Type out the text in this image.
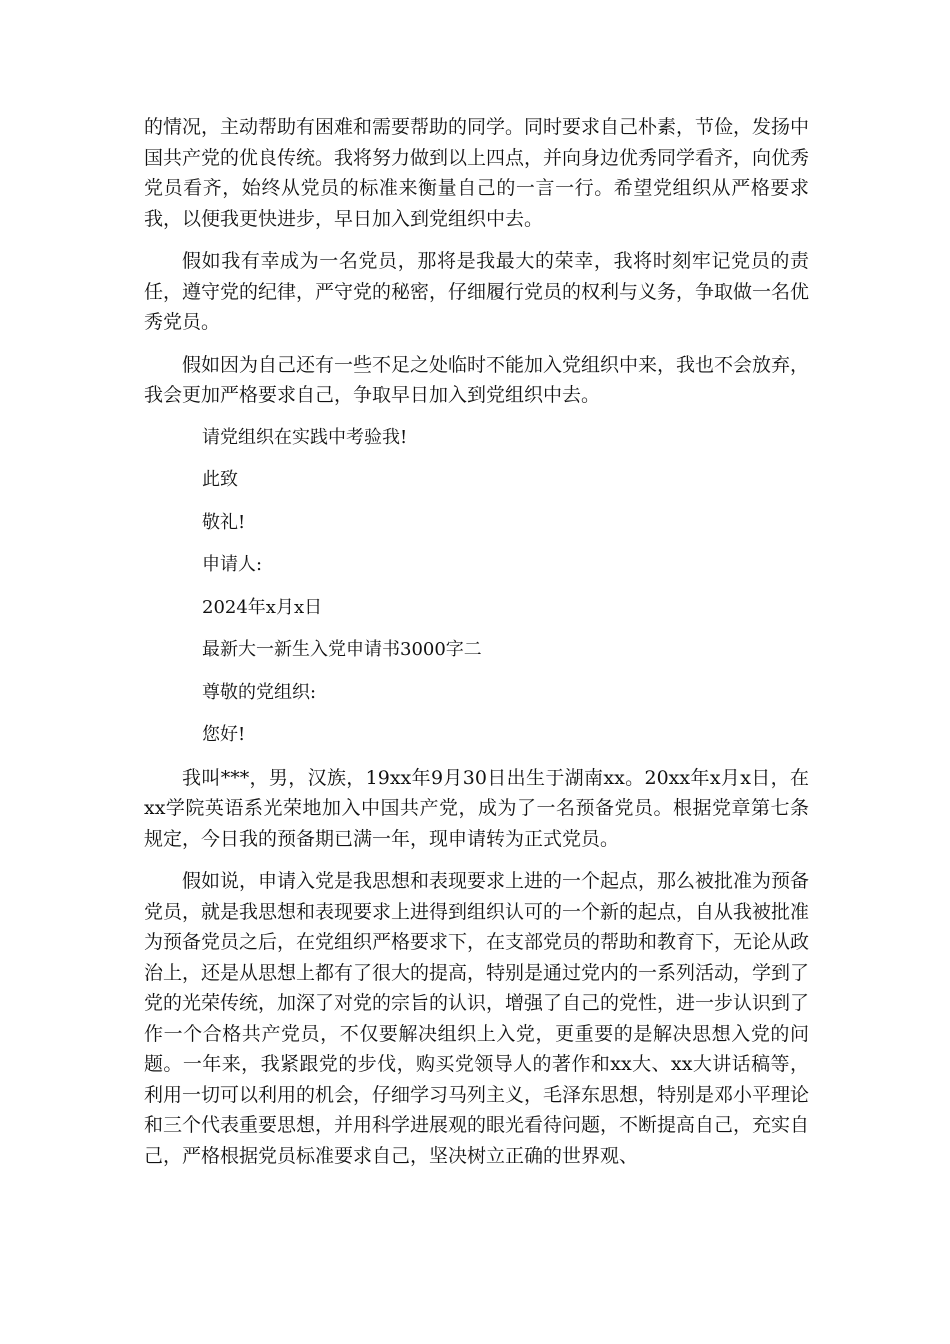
的情况，主动帮助有困难和需要帮助的同学。同时要求自己朴素，节俭，发扬中国共产党的优良传统。我将努力做到以上四点，并向身边优秀同学看齐，向优秀党员看齐，始终从党员的标准来衡量自己的一言一行。希望党组织从严格要求我，以便我更快进步，早日加入到党组织中去。

假如我有幸成为一名党员，那将是我最大的荣幸，我将时刻牢记党员的责任，遵守党的纪律，严守党的秘密，仔细履行党员的权利与义务，争取做一名优秀党员。

假如因为自己还有一些不足之处临时不能加入党组织中来，我也不会放弃，我会更加严格要求自己，争取早日加入到党组织中去。

请党组织在实践中考验我!
此致
敬礼!
申请人:
2024年x月x日
最新大一新生入党申请书3000字二
尊敬的党组织:
您好!

我叫***，男，汉族，19xx年9月30日出生于湖南xx。20xx年x月x日，在xx学院英语系光荣地加入中国共产党，成为了一名预备党员。根据党章第七条规定，今日我的预备期已满一年，现申请转为正式党员。

假如说，申请入党是我思想和表现要求上进的一个起点，那么被批准为预备党员，就是我思想和表现要求上进得到组织认可的一个新的起点，自从我被批准为预备党员之后，在党组织严格要求下，在支部党员的帮助和教育下，无论从政治上，还是从思想上都有了很大的提高，特别是通过党内的一系列活动，学到了党的光荣传统，加深了对党的宗旨的认识，增强了自己的党性，进一步认识到了作一个合格共产党员，不仅要解决组织上入党，更重要的是解决思想入党的问题。一年来，我紧跟党的步伐，购买党领导人的著作和xx大、xx大讲话稿等，利用一切可以利用的机会，仔细学习马列主义，毛泽东思想，特别是邓小平理论和三个代表重要思想，并用科学进展观的眼光看待问题，不断提高自己，充实自己，严格根据党员标准要求自己，坚决树立正确的世界观、
